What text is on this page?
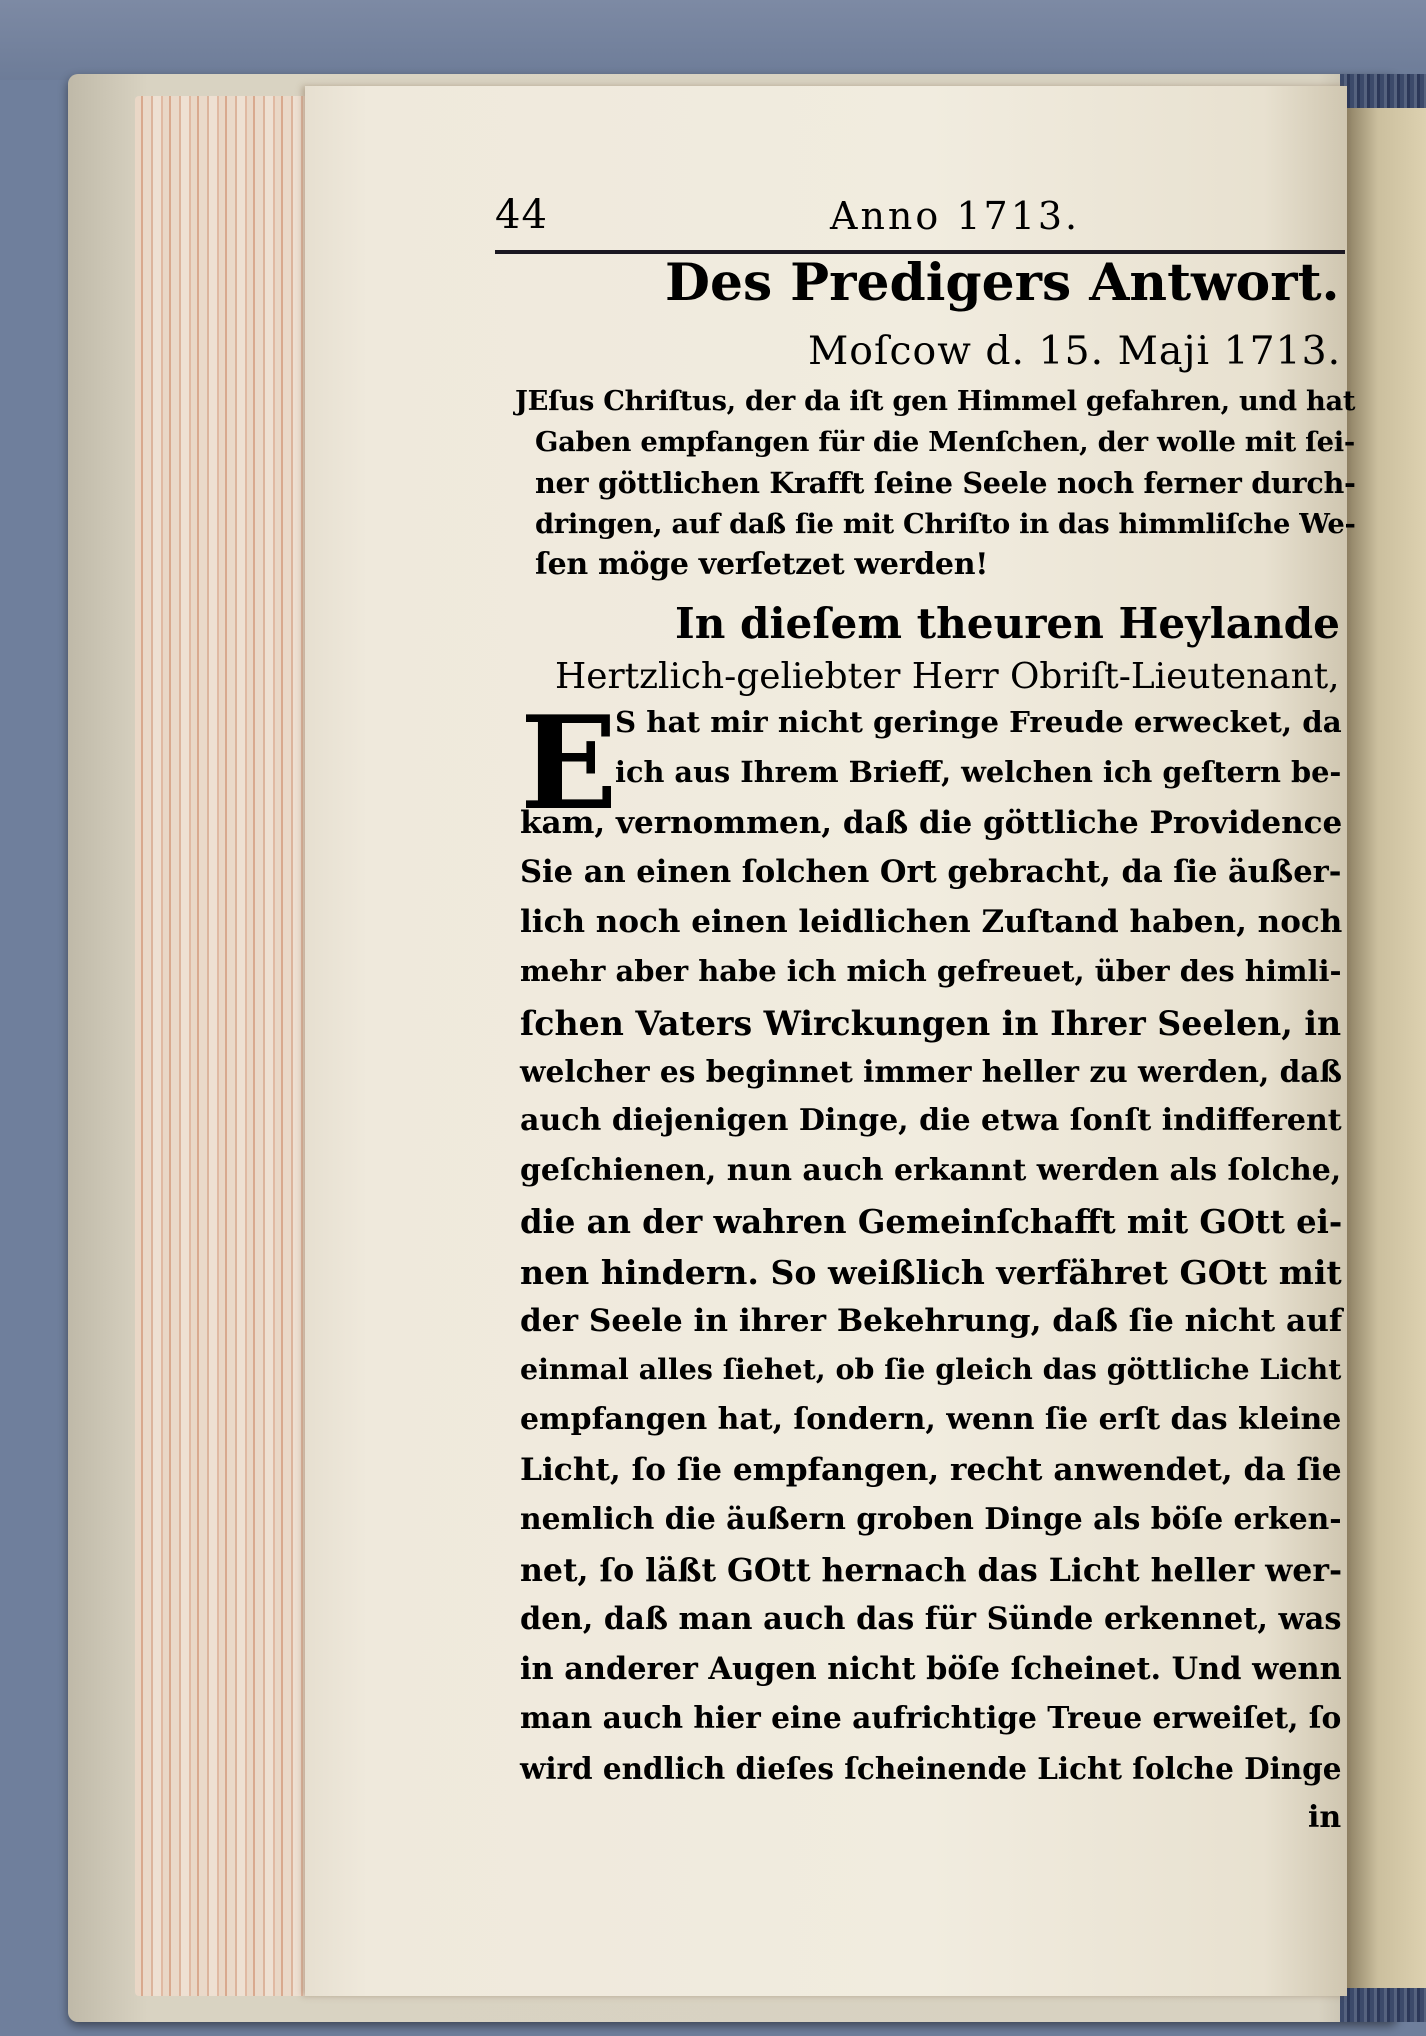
44	Anno 1713.
Des Predigers Antwort.
Moſcow d. 15. Maji 1713.
JEſus Chriſtus, der da iſt gen Himmel gefahren, und hat
Gaben empfangen für die Menſchen, der wolle mit ſei-
ner göttlichen Krafft ſeine Seele noch ferner durch-
dringen, auf daß ſie mit Chriſto in das himmliſche We-
ſen möge verſetzet werden!
In dieſem theuren Heylande
Hertzlich-geliebter Herr Obriſt-Lieutenant,
E
S hat mir nicht geringe Freude erwecket, da
ich aus Ihrem Brieff, welchen ich geſtern be-
kam, vernommen, daß die göttliche Providence
Sie an einen ſolchen Ort gebracht, da ſie äußer-
lich noch einen leidlichen Zuſtand haben, noch
mehr aber habe ich mich gefreuet, über des himli-
ſchen Vaters Wirckungen in Ihrer Seelen, in
welcher es beginnet immer heller zu werden, daß
auch diejenigen Dinge, die etwa ſonſt indifferent
geſchienen, nun auch erkannt werden als ſolche,
die an der wahren Gemeinſchafft mit GOtt ei-
nen hindern. So weißlich verfähret GOtt mit
der Seele in ihrer Bekehrung, daß ſie nicht auf
einmal alles ſiehet, ob ſie gleich das göttliche Licht
empfangen hat, ſondern, wenn ſie erſt das kleine
Licht, ſo ſie empfangen, recht anwendet, da ſie
nemlich die äußern groben Dinge als böſe erken-
net, ſo läßt GOtt hernach das Licht heller wer-
den, daß man auch das für Sünde erkennet, was
in anderer Augen nicht böſe ſcheinet. Und wenn
man auch hier eine aufrichtige Treue erweiſet, ſo
wird endlich dieſes ſcheinende Licht ſolche Dinge
in
